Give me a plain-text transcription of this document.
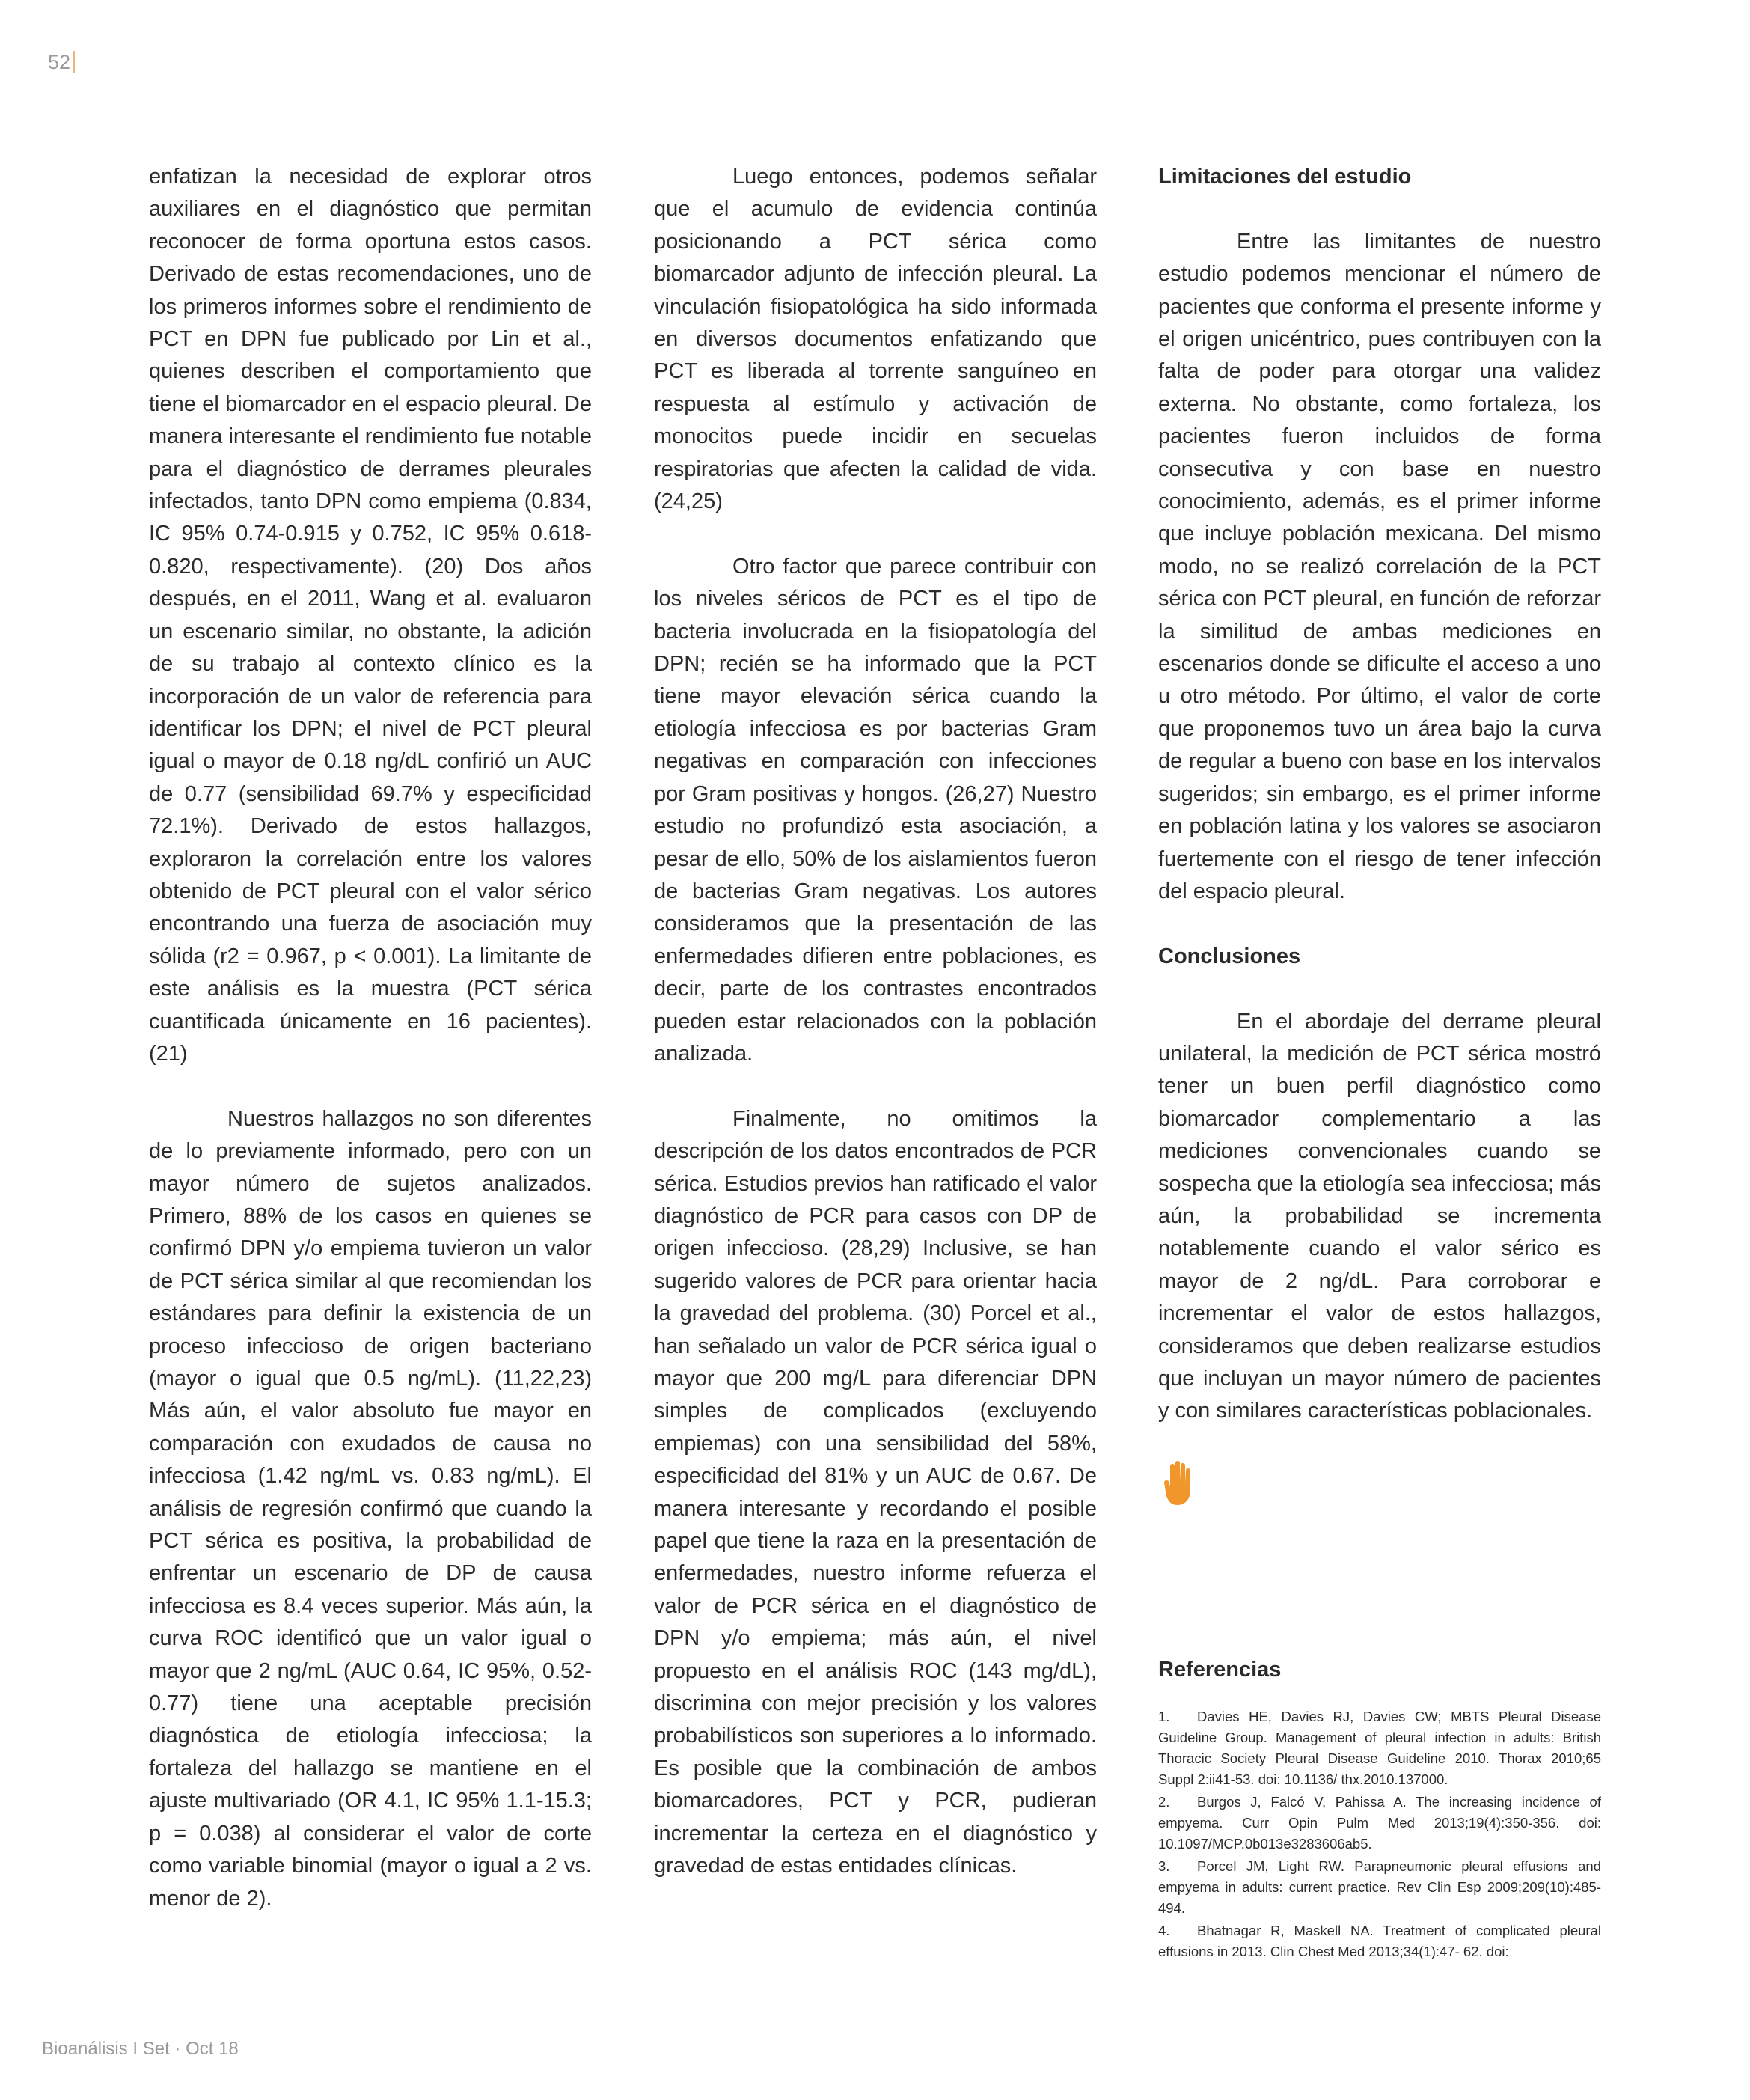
52

enfatizan la necesidad de explorar otros auxiliares en el diagnóstico que permitan reconocer de forma oportuna estos casos. Derivado de estas recomendaciones, uno de los primeros informes sobre el rendimiento de PCT en DPN fue publicado por Lin et al., quienes describen el comportamiento que tiene el biomarcador en el espacio pleural. De manera interesante el rendimiento fue notable para el diagnóstico de derrames pleurales infectados, tanto DPN como empiema (0.834, IC 95% 0.74-0.915 y 0.752, IC 95% 0.618-0.820, respectivamente). (20) Dos años después, en el 2011, Wang et al. evaluaron un escenario similar, no obstante, la adición de su trabajo al contexto clínico es la incorporación de un valor de referencia para identificar los DPN; el nivel de PCT pleural igual o mayor de 0.18 ng/dL confirió un AUC de 0.77 (sensibilidad 69.7% y especificidad 72.1%). Derivado de estos hallazgos, exploraron la correlación entre los valores obtenido de PCT pleural con el valor sérico encontrando una fuerza de asociación muy sólida (r2 = 0.967, p < 0.001). La limitante de este análisis es la muestra (PCT sérica cuantificada únicamente en 16 pacientes). (21)

Nuestros hallazgos no son diferentes de lo previamente informado, pero con un mayor número de sujetos analizados. Primero, 88% de los casos en quienes se confirmó DPN y/o empiema tuvieron un valor de PCT sérica similar al que recomiendan los estándares para definir la existencia de un proceso infeccioso de origen bacteriano (mayor o igual que 0.5 ng/mL). (11,22,23) Más aún, el valor absoluto fue mayor en comparación con exudados de causa no infecciosa (1.42 ng/mL vs. 0.83 ng/mL). El análisis de regresión confirmó que cuando la PCT sérica es positiva, la probabilidad de enfrentar un escenario de DP de causa infecciosa es 8.4 veces superior. Más aún, la curva ROC identificó que un valor igual o mayor que 2 ng/mL (AUC 0.64, IC 95%, 0.52-0.77) tiene una aceptable precisión diagnóstica de etiología infecciosa; la fortaleza del hallazgo se mantiene en el ajuste multivariado (OR 4.1, IC 95% 1.1-15.3; p = 0.038) al considerar el valor de corte como variable binomial (mayor o igual a 2 vs. menor de 2).

Luego entonces, podemos señalar que el acumulo de evidencia continúa posicionando a PCT sérica como biomarcador adjunto de infección pleural. La vinculación fisiopatológica ha sido informada en diversos documentos enfatizando que PCT es liberada al torrente sanguíneo en respuesta al estímulo y activación de monocitos puede incidir en secuelas respiratorias que afecten la calidad de vida. (24,25)

Otro factor que parece contribuir con los niveles séricos de PCT es el tipo de bacteria involucrada en la fisiopatología del DPN; recién se ha informado que la PCT tiene mayor elevación sérica cuando la etiología infecciosa es por bacterias Gram negativas en comparación con infecciones por Gram positivas y hongos. (26,27) Nuestro estudio no profundizó esta asociación, a pesar de ello, 50% de los aislamientos fueron de bacterias Gram negativas. Los autores consideramos que la presentación de las enfermedades difieren entre poblaciones, es decir, parte de los contrastes encontrados pueden estar relacionados con la población analizada.

Finalmente, no omitimos la descripción de los datos encontrados de PCR sérica. Estudios previos han ratificado el valor diagnóstico de PCR para casos con DP de origen infeccioso. (28,29) Inclusive, se han sugerido valores de PCR para orientar hacia la gravedad del problema. (30) Porcel et al., han señalado un valor de PCR sérica igual o mayor que 200 mg/L para diferenciar DPN simples de complicados (excluyendo empiemas) con una sensibilidad del 58%, especificidad del 81% y un AUC de 0.67. De manera interesante y recordando el posible papel que tiene la raza en la presentación de enfermedades, nuestro informe refuerza el valor de PCR sérica en el diagnóstico de DPN y/o empiema; más aún, el nivel propuesto en el análisis ROC (143 mg/dL), discrimina con mejor precisión y los valores probabilísticos son superiores a lo informado. Es posible que la combinación de ambos biomarcadores, PCT y PCR, pudieran incrementar la certeza en el diagnóstico y gravedad de estas entidades clínicas.

Limitaciones del estudio

Entre las limitantes de nuestro estudio podemos mencionar el número de pacientes que conforma el presente informe y el origen unicéntrico, pues contribuyen con la falta de poder para otorgar una validez externa. No obstante, como fortaleza, los pacientes fueron incluidos de forma consecutiva y con base en nuestro conocimiento, además, es el primer informe que incluye población mexicana. Del mismo modo, no se realizó correlación de la PCT sérica con PCT pleural, en función de reforzar la similitud de ambas mediciones en escenarios donde se dificulte el acceso a uno u otro método. Por último, el valor de corte que proponemos tuvo un área bajo la curva de regular a bueno con base en los intervalos sugeridos; sin embargo, es el primer informe en población latina y los valores se asociaron fuertemente con el riesgo de tener infección del espacio pleural.

Conclusiones

En el abordaje del derrame pleural unilateral, la medición de PCT sérica mostró tener un buen perfil diagnóstico como biomarcador complementario a las mediciones convencionales cuando se sospecha que la etiología sea infecciosa; más aún, la probabilidad se incrementa notablemente cuando el valor sérico es mayor de 2 ng/dL. Para corroborar e incrementar el valor de estos hallazgos, consideramos que deben realizarse estudios que incluyan un mayor número de pacientes y con similares características poblacionales.

Referencias
1. Davies HE, Davies RJ, Davies CW; MBTS Pleural Disease Guideline Group. Management of pleural infection in adults: British Thoracic Society Pleural Disease Guideline 2010. Thorax 2010;65 Suppl 2:ii41-53. doi: 10.1136/ thx.2010.137000.
2. Burgos J, Falcó V, Pahissa A. The increasing incidence of empyema. Curr Opin Pulm Med 2013;19(4):350-356. doi: 10.1097/MCP.0b013e3283606ab5.
3. Porcel JM, Light RW. Parapneumonic pleural effusions and empyema in adults: current practice. Rev Clin Esp 2009;209(10):485-494.
4. Bhatnagar R, Maskell NA. Treatment of complicated pleural effusions in 2013. Clin Chest Med 2013;34(1):47- 62. doi:
Bioanálisis I Set · Oct 18
